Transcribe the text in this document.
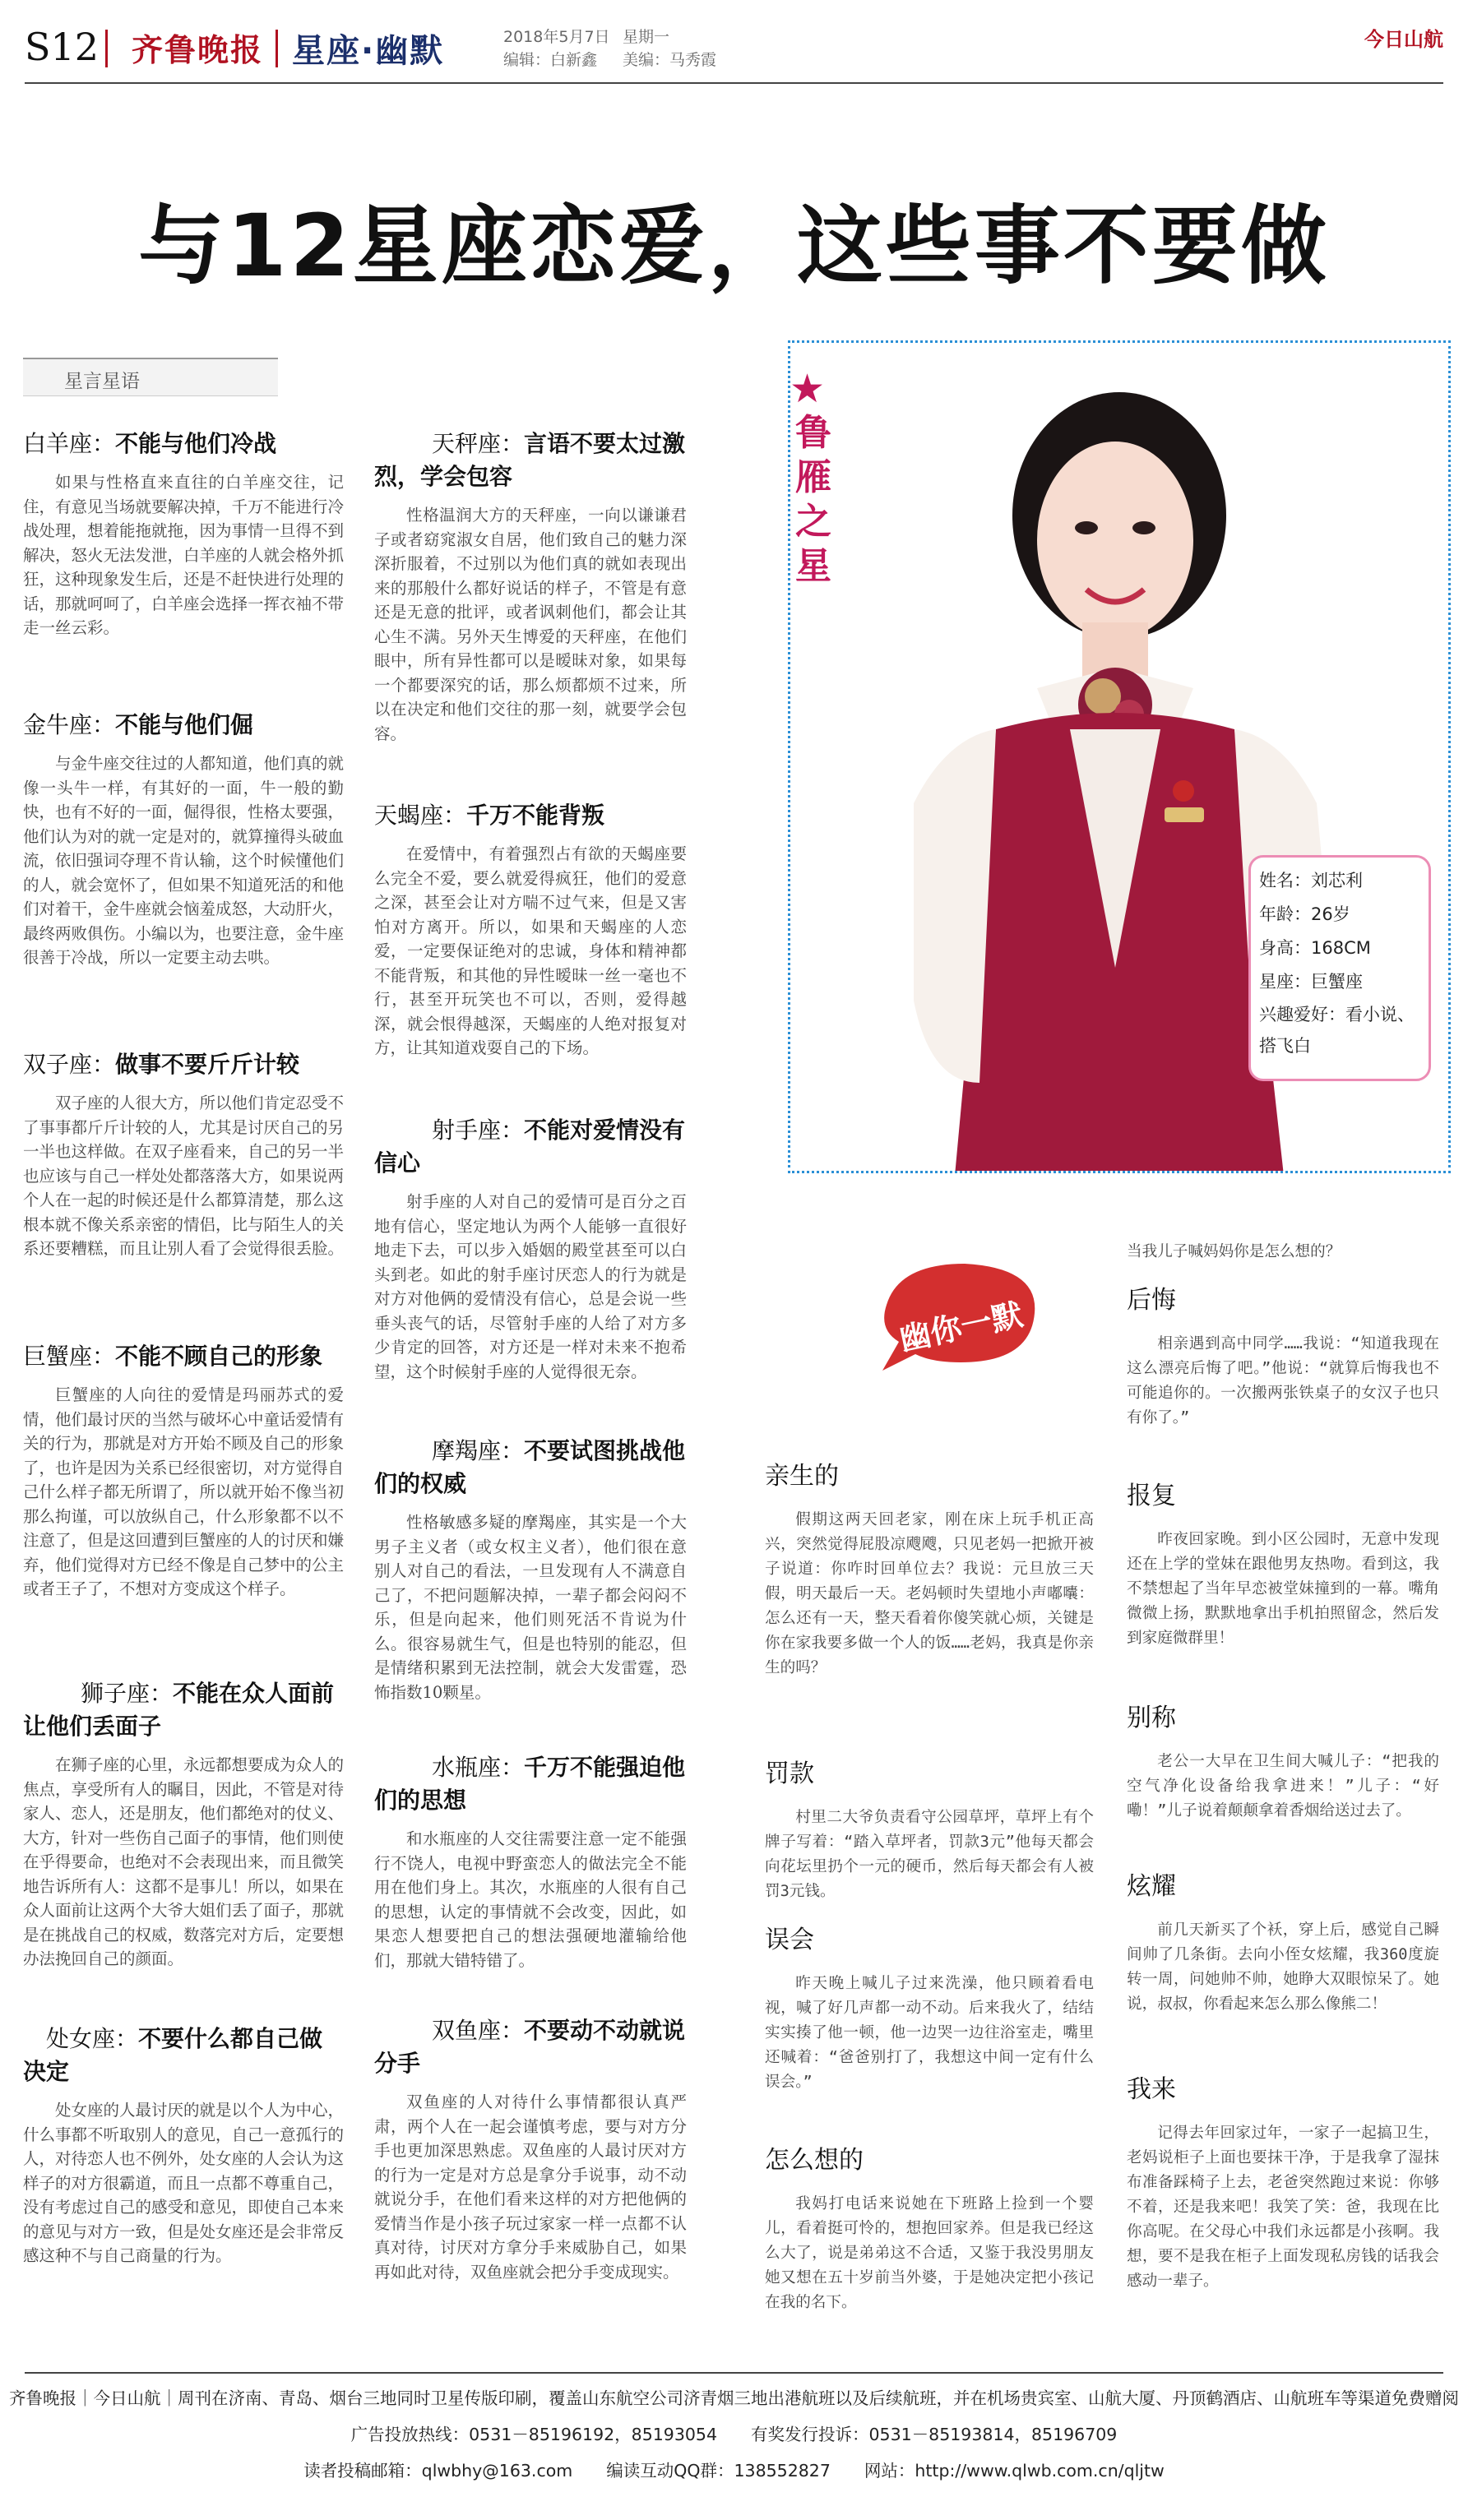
S12 齐鲁晚报 星座·幽默	2018年5月7日 星期一
编辑：白新鑫 美编：马秀霞
今日山航
与12星座恋爱，这些事不要做
星言星语
白羊座：不能与他们冷战
如果与性格直来直往的白羊座交往，记住，有意见当场就要解决掉，千万不能进行冷战处理，想着能拖就拖，因为事情一旦得不到解决，怒火无法发泄，白羊座的人就会格外抓狂，这种现象发生后，还是不赶快进行处理的话，那就呵呵了，白羊座会选择一挥衣袖不带走一丝云彩。
金牛座：不能与他们倔
与金牛座交往过的人都知道，他们真的就像一头牛一样，有其好的一面，牛一般的勤快，也有不好的一面，倔得很，性格太要强，他们认为对的就一定是对的，就算撞得头破血流，依旧强词夺理不肯认输，这个时候懂他们的人，就会宽怀了，但如果不知道死活的和他们对着干，金牛座就会恼羞成怒，大动肝火，最终两败俱伤。小编以为，也要注意，金牛座很善于冷战，所以一定要主动去哄。
双子座：做事不要斤斤计较
双子座的人很大方，所以他们肯定忍受不了事事都斤斤计较的人，尤其是讨厌自己的另一半也这样做。在双子座看来，自己的另一半也应该与自己一样处处都落落大方，如果说两个人在一起的时候还是什么都算清楚，那么这根本就不像关系亲密的情侣，比与陌生人的关系还要糟糕，而且让别人看了会觉得很丢脸。
巨蟹座：不能不顾自己的形象
巨蟹座的人向往的爱情是玛丽苏式的爱情，他们最讨厌的当然与破坏心中童话爱情有关的行为，那就是对方开始不顾及自己的形象了，也许是因为关系已经很密切，对方觉得自己什么样子都无所谓了，所以就开始不像当初那么拘谨，可以放纵自己，什么形象都不以不注意了，但是这回遭到巨蟹座的人的讨厌和嫌弃，他们觉得对方已经不像是自己梦中的公主或者王子了，不想对方变成这个样子。
狮子座：不能在众人面前让他们丢面子
在狮子座的心里，永远都想要成为众人的焦点，享受所有人的瞩目，因此，不管是对待家人、恋人，还是朋友，他们都绝对的仗义、大方，针对一些伤自己面子的事情，他们则使在乎得要命，也绝对不会表现出来，而且微笑地告诉所有人：这都不是事儿！所以，如果在众人面前让这两个大爷大姐们丢了面子，那就是在挑战自己的权威，数落完对方后，定要想办法挽回自己的颜面。
处女座：不要什么都自己做决定
处女座的人最讨厌的就是以个人为中心，什么事都不听取别人的意见，自己一意孤行的人，对待恋人也不例外，处女座的人会认为这样子的对方很霸道，而且一点都不尊重自己，没有考虑过自己的感受和意见，即使自己本来的意见与对方一致，但是处女座还是会非常反感这种不与自己商量的行为。
天秤座：言语不要太过激烈，学会包容
性格温润大方的天秤座，一向以谦谦君子或者窈窕淑女自居，他们致自己的魅力深深折服着，不过别以为他们真的就如表现出来的那般什么都好说话的样子，不管是有意还是无意的批评，或者讽刺他们，都会让其心生不满。另外天生博爱的天秤座，在他们眼中，所有异性都可以是暧昧对象，如果每一个都要深究的话，那么烦都烦不过来，所以在决定和他们交往的那一刻，就要学会包容。
天蝎座：千万不能背叛
在爱情中，有着强烈占有欲的天蝎座要么完全不爱，要么就爱得疯狂，他们的爱意之深，甚至会让对方喘不过气来，但是又害怕对方离开。所以，如果和天蝎座的人恋爱，一定要保证绝对的忠诚，身体和精神都不能背叛，和其他的异性暧昧一丝一毫也不行，甚至开玩笑也不可以，否则，爱得越深，就会恨得越深，天蝎座的人绝对报复对方，让其知道戏耍自己的下场。
射手座：不能对爱情没有信心
射手座的人对自己的爱情可是百分之百地有信心，坚定地认为两个人能够一直很好地走下去，可以步入婚姻的殿堂甚至可以白头到老。如此的射手座讨厌恋人的行为就是对方对他俩的爱情没有信心，总是会说一些垂头丧气的话，尽管射手座的人给了对方多少肯定的回答，对方还是一样对未来不抱希望，这个时候射手座的人觉得很无奈。
摩羯座：不要试图挑战他们的权威
性格敏感多疑的摩羯座，其实是一个大男子主义者（或女权主义者），他们很在意别人对自己的看法，一旦发现有人不满意自己了，不把问题解决掉，一辈子都会闷闷不乐，但是向起来，他们则死活不肯说为什么。很容易就生气，但是也特别的能忍，但是情绪积累到无法控制，就会大发雷霆，恐怖指数10颗星。
水瓶座：千万不能强迫他们的思想
和水瓶座的人交往需要注意一定不能强行不饶人，电视中野蛮恋人的做法完全不能用在他们身上。其次，水瓶座的人很有自己的思想，认定的事情就不会改变，因此，如果恋人想要把自己的想法强硬地灌输给他们，那就大错特错了。
双鱼座：不要动不动就说分手
双鱼座的人对待什么事情都很认真严肃，两个人在一起会谨慎考虑，要与对方分手也更加深思熟虑。双鱼座的人最讨厌对方的行为一定是对方总是拿分手说事，动不动就说分手，在他们看来这样的对方把他俩的爱情当作是小孩子玩过家家一样一点都不认真对待，讨厌对方拿分手来威胁自己，如果再如此对待，双鱼座就会把分手变成现实。
★
鲁
雁
之
星
姓名：刘芯利
年龄：26岁
身高：168CM
星座：巨蟹座
兴趣爱好：看小说、搭飞白
幽你一默
亲生的
假期这两天回老家，刚在床上玩手机正高兴，突然觉得屁股凉飕飕，只见老妈一把掀开被子说道：你咋时回单位去？我说：元旦放三天假，明天最后一天。老妈顿时失望地小声嘟囔：怎么还有一天，整天看着你傻笑就心烦，关键是你在家我要多做一个人的饭……老妈，我真是你亲生的吗？
罚款
村里二大爷负责看守公园草坪，草坪上有个牌子写着：“踏入草坪者，罚款3元”他每天都会向花坛里扔个一元的硬币，然后每天都会有人被罚3元钱。
误会
昨天晚上喊儿子过来洗澡，他只顾着看电视，喊了好几声都一动不动。后来我火了，结结实实揍了他一顿，他一边哭一边往浴室走，嘴里还喊着：“爸爸别打了，我想这中间一定有什么误会。”
怎么想的
我妈打电话来说她在下班路上捡到一个婴儿，看着挺可怜的，想抱回家养。但是我已经这么大了，说是弟弟这不合适，又鉴于我没男朋友她又想在五十岁前当外婆，于是她决定把小孩记在我的名下。
当我儿子喊妈妈你是怎么想的？
后悔
相亲遇到高中同学……我说：“知道我现在这么漂亮后悔了吧。”他说：“就算后悔我也不可能追你的。一次搬两张铁桌子的女汉子也只有你了。”
报复
昨夜回家晚。到小区公园时，无意中发现还在上学的堂妹在跟他男友热吻。看到这，我不禁想起了当年早恋被堂妹撞到的一幕。嘴角微微上扬，默默地拿出手机拍照留念，然后发到家庭微群里！
别称
老公一大早在卫生间大喊儿子：“把我的空气净化设备给我拿进来！”儿子：“好嘞！”儿子说着颠颠拿着香烟给送过去了。
炫耀
前几天新买了个袄，穿上后，感觉自己瞬间帅了几条街。去向小侄女炫耀，我360度旋转一周，问她帅不帅，她睁大双眼惊呆了。她说，叔叔，你看起来怎么那么像熊二！
我来
记得去年回家过年，一家子一起搞卫生，老妈说柜子上面也要抹干净，于是我拿了湿抹布准备踩椅子上去，老爸突然跑过来说：你够不着，还是我来吧！我笑了笑：爸，我现在比你高呢。在父母心中我们永远都是小孩啊。我想，要不是我在柜子上面发现私房钱的话我会感动一辈子。
齐鲁晚报｜今日山航｜周刊在济南、青岛、烟台三地同时卫星传版印刷，覆盖山东航空公司济青烟三地出港航班以及后续航班，并在机场贵宾室、山航大厦、丹顶鹤酒店、山航班车等渠道免费赠阅
广告投放热线：0531－85196192，85193054　　有奖发行投诉：0531－85193814，85196709
读者投稿邮箱：qlwbhy@163.com　　编读互动QQ群：138552827　　网站：http://www.qlwb.com.cn/qljtw
